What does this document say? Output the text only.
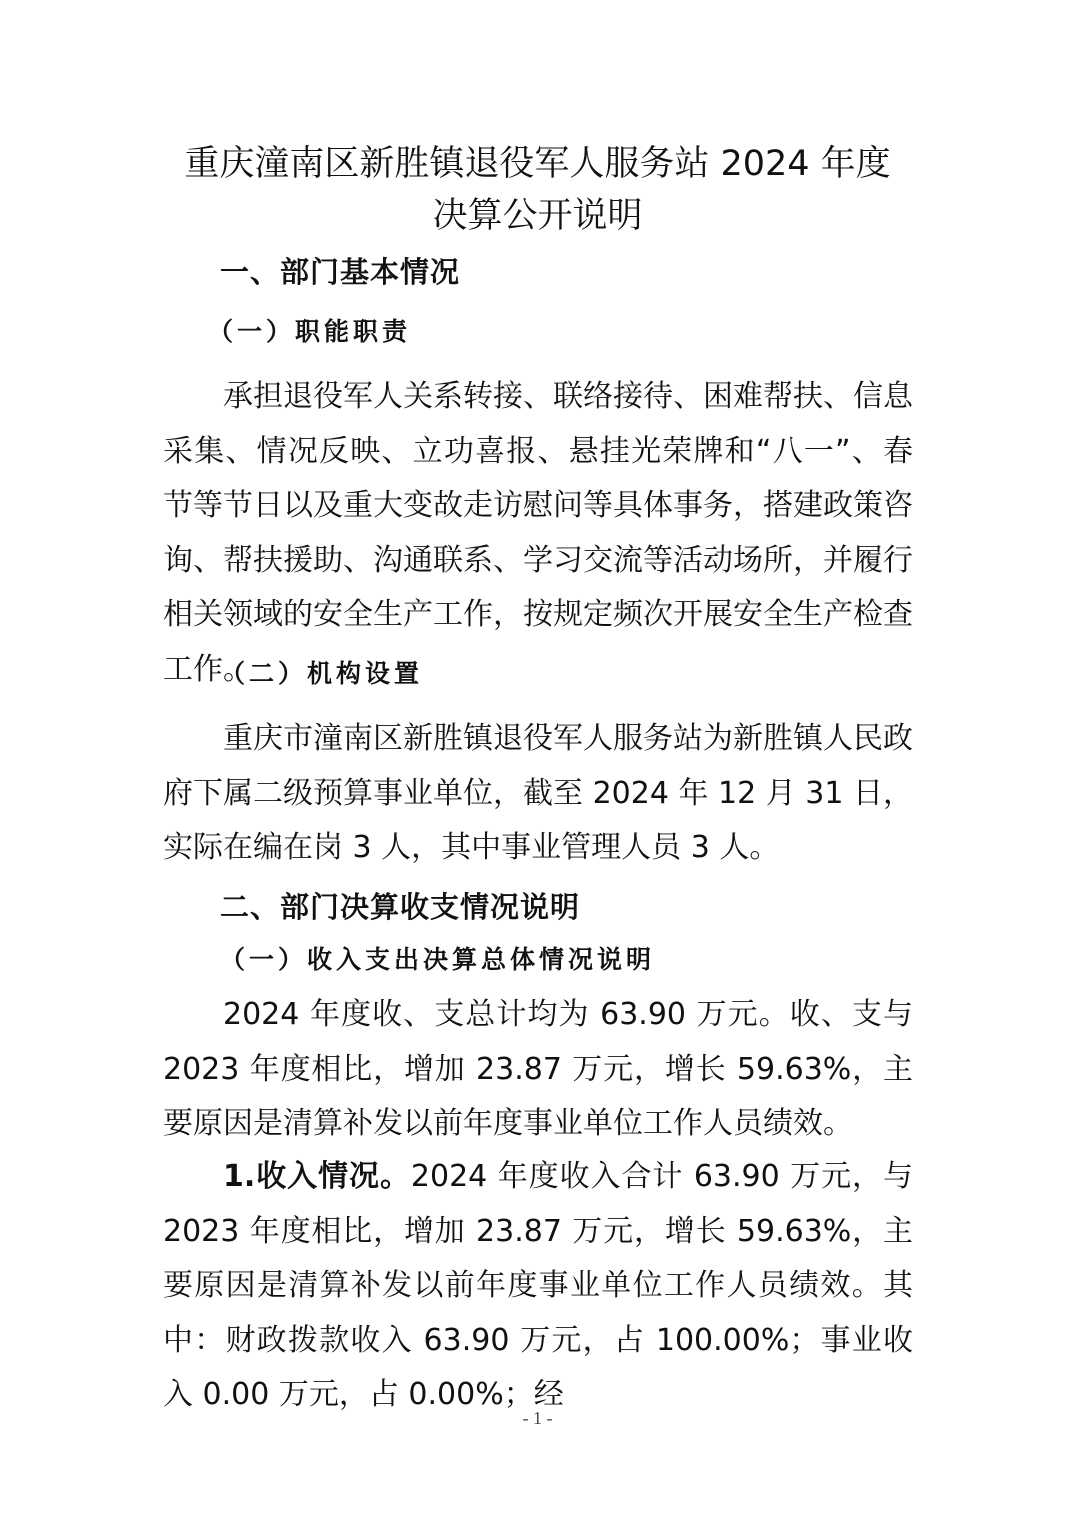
重庆潼南区新胜镇退役军人服务站 2024 年度
决算公开说明
一、部门基本情况
（一）职能职责

承担退役军人关系转接、联络接待、困难帮扶、信息采集、情况反映、立功喜报、悬挂光荣牌和“八一”、春节等节日以及重大变故走访慰问等具体事务，搭建政策咨询、帮扶援助、沟通联系、学习交流等活动场所，并履行相关领域的安全生产工作，按规定频次开展安全生产检查工作。

（二）机构设置

重庆市潼南区新胜镇退役军人服务站为新胜镇人民政府下属二级预算事业单位，截至 2024 年 12 月 31 日，实际在编在岗 3 人，其中事业管理人员 3 人。

二、部门决算收支情况说明
（一）收入支出决算总体情况说明

2024 年度收、支总计均为 63.90 万元。收、支与 2023 年度相比，增加 23.87 万元，增长 59.63%，主要原因是清算补发以前年度事业单位工作人员绩效。

1.收入情况。2024 年度收入合计 63.90 万元，与 2023 年度相比，增加 23.87 万元，增长 59.63%，主要原因是清算补发以前年度事业单位工作人员绩效。其中：财政拨款收入 63.90 万元，占 100.00%；事业收入 0.00 万元，占 0.00%；经

- 1 -
